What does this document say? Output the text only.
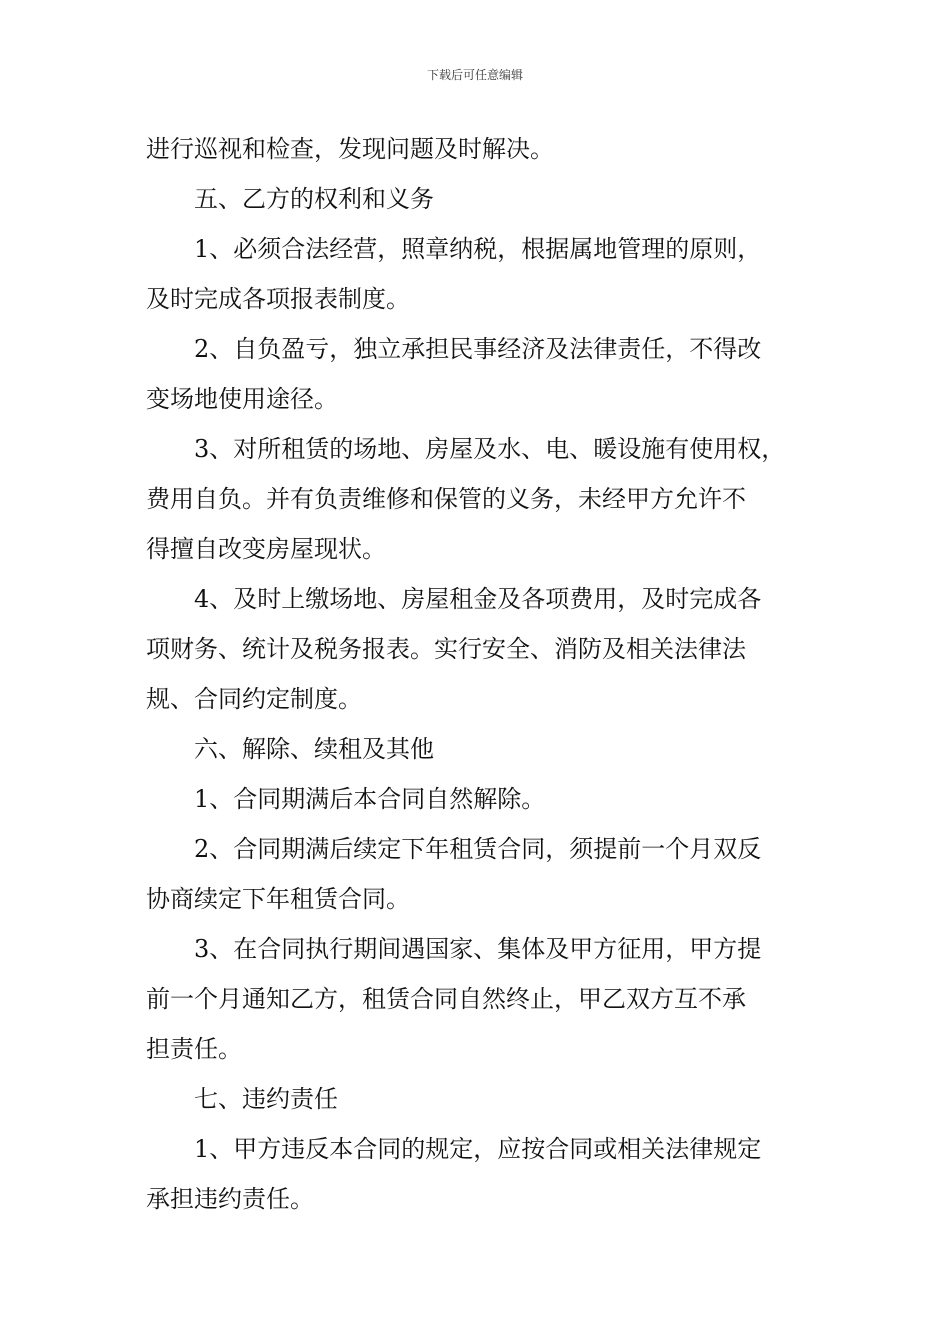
下载后可任意编辑
进行巡视和检查，发现问题及时解决。
五、乙方的权利和义务
1、必须合法经营，照章纳税，根据属地管理的原则，
及时完成各项报表制度。
2、自负盈亏，独立承担民事经济及法律责任，不得改
变场地使用途径。
3、对所租赁的场地、房屋及水、电、暖设施有使用权，
费用自负。并有负责维修和保管的义务，未经甲方允许不
得擅自改变房屋现状。
4、及时上缴场地、房屋租金及各项费用，及时完成各
项财务、统计及税务报表。实行安全、消防及相关法律法
规、合同约定制度。
六、解除、续租及其他
1、合同期满后本合同自然解除。
2、合同期满后续定下年租赁合同，须提前一个月双反
协商续定下年租赁合同。
3、在合同执行期间遇国家、集体及甲方征用，甲方提
前一个月通知乙方，租赁合同自然终止，甲乙双方互不承
担责任。
七、违约责任
1、甲方违反本合同的规定，应按合同或相关法律规定
承担违约责任。
